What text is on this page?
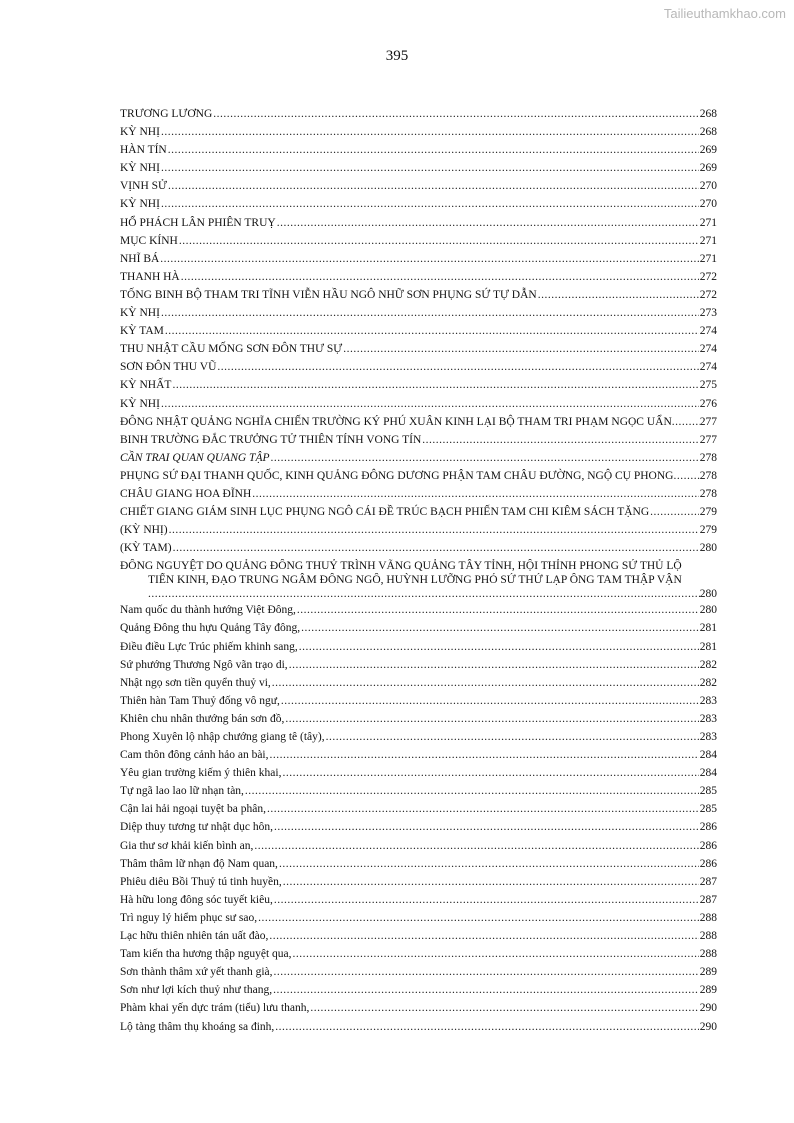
Tailieuthamkhao.com
395
TRƯƠNG LƯƠNG .....	268
KỲ NHỊ .....	268
HÀN TÍN .....	269
KỲ NHỊ .....	269
VỊNH SỬ .....	270
KỲ NHỊ .....	270
HỔ PHÁCH LÂN PHIÊN TRUỴ .....	271
MỤC KÍNH .....	271
NHĨ BÁ .....	271
THANH HÀ .....	272
TỐNG BINH BỘ THAM TRI TĨNH VIỄN HẦU NGÔ NHỮ SƠN PHỤNG SỨ TỰ DẪN .....	272
KỲ NHỊ .....	273
KỲ TAM .....	274
THU NHẬT CẦU MỐNG SƠN ĐÔN THƯ SỰ .....	274
SƠN ĐÔN THU VŨ .....	274
KỲ NHẤT .....	275
KỲ NHỊ .....	276
ĐÔNG NHẬT QUẢNG NGHĨA CHIẾN TRƯỜNG KÝ PHÚ XUÂN KINH LẠI BỘ THAM TRI PHẠM NGỌC UẨN ..... 277
BINH TRƯỜNG ĐẮC TRƯỞNG TỬ THIÊN TÍNH VONG TÍN .....	277
CẦN TRAI QUAN QUANG TẬP .....	278
PHỤNG SỨ ĐẠI THANH QUỐC, KINH QUẢNG ĐÔNG DƯƠNG PHẬN TAM CHÂU ĐƯỜNG, NGỘ CỤ PHONG ..... 278
CHÂU GIANG HOA ĐĨNH .....	278
CHIẾT GIANG GIÁM SINH LỤC PHỤNG NGÔ CÁI ĐỀ TRÚC BẠCH PHIẾN TAM CHI KIÊM SÁCH TẶNG .....	279
(KỲ NHỊ) .....	279
(KỲ TAM) .....	280
ĐÔNG NGUYỆT DO QUẢNG ĐÔNG THUỶ TRÌNH VÃNG QUẢNG TÂY TỈNH, HỘI THỈNH PHONG SỨ THỦ LỘ
TIẾN KINH, ĐẠO TRUNG NGÂM ĐÔNG NGÔ, HUỲNH LƯỠNG PHÓ SỨ THỨ LẠP ÔNG TAM THẬP VẬN
.....
280
Nam quốc du thành hướng Việt Đông, .....	280
Quảng Đông thu hựu Quảng Tây đông, .....	281
Điều điều Lực Trúc phiếm khinh sang, .....	281
Sứ phướng Thương Ngô vãn trạo di, .....	282
Nhật ngọ sơn tiền quyển thuỷ vi, .....	282
Thiên hàn Tam Thuỷ đống vô ngư, .....	283
Khiên chu nhân thướng bán sơn đồ, .....	283
Phong Xuyên lộ nhập chướng giang tê (tây), .....	283
Cam thôn đông cảnh hảo an bài, .....	284
Yêu gian trường kiếm ý thiên khai, .....	284
Tự ngã lao lao lữ nhạn tàn, .....	285
Cận lai hải ngoại tuyệt ba phân, .....	285
Diệp thuy tương tư nhật dục hôn, .....	286
Gia thư sơ khải kiến bình an, .....	286
Thâm thâm lữ nhạn độ Nam quan, .....	286
Phiêu diêu Bồi Thuỷ tú tinh huyền, .....	287
Hà hữu long đông sóc tuyết kiêu, .....	287
Trì nguy lý hiểm phục sư sao, .....	288
Lạc hữu thiên nhiên tán uất đào, .....	288
Tam kiến tha hương thập nguyệt qua, .....	288
Sơn thành thâm xứ yết thanh già, .....	289
Sơn như lợi kích thuỷ như thang, .....	289
Phàm khai yến dực trám (tiểu) lưu thanh, .....	290
Lộ tàng thâm thụ khoáng sa đinh, .....	290
